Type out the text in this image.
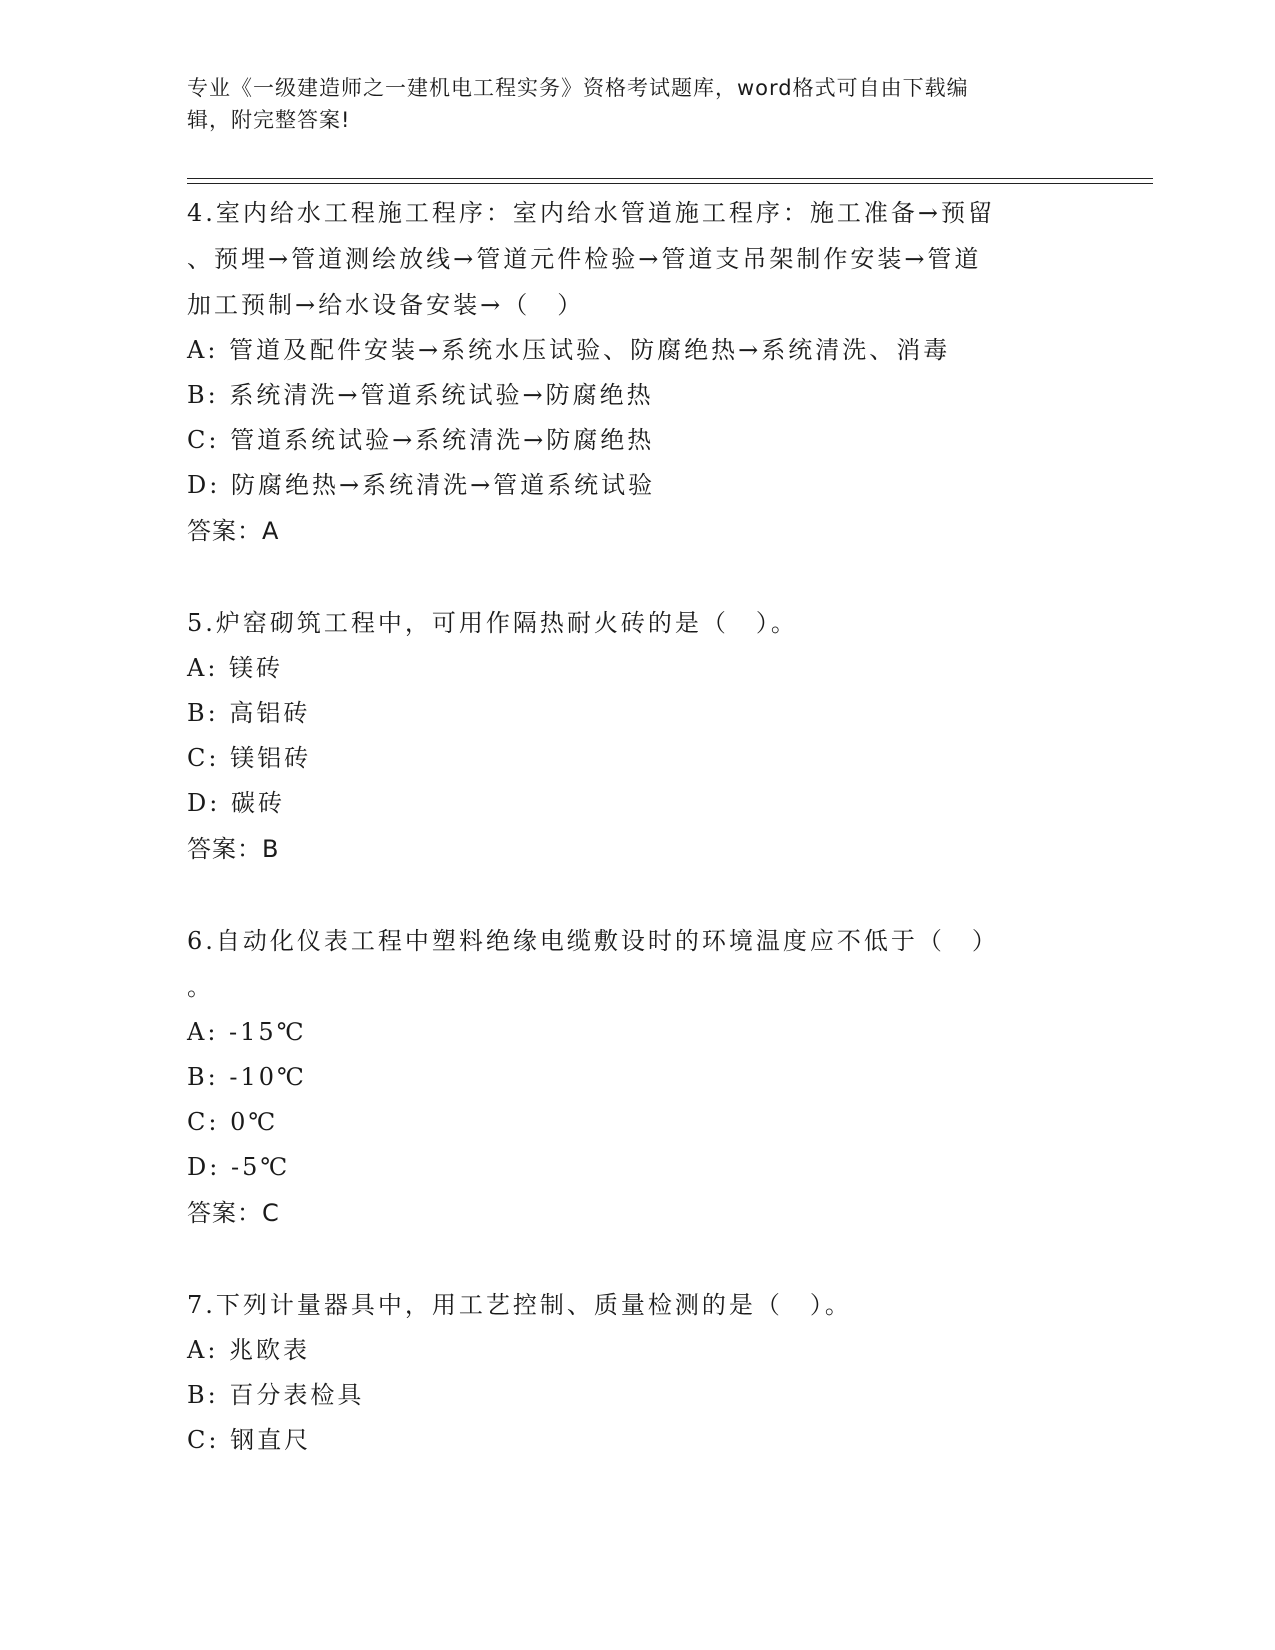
专业《一级建造师之一建机电工程实务》资格考试题库，word格式可自由下载编
辑，附完整答案!
4.室内给水工程施工程序：室内给水管道施工程序：施工准备→预留
、预埋→管道测绘放线→管道元件检验→管道支吊架制作安装→管道
加工预制→给水设备安装→（　）
A: 管道及配件安装→系统水压试验、防腐绝热→系统清洗、消毒
B: 系统清洗→管道系统试验→防腐绝热
C: 管道系统试验→系统清洗→防腐绝热
D: 防腐绝热→系统清洗→管道系统试验
答案：A
5.炉窑砌筑工程中，可用作隔热耐火砖的是（　）。
A: 镁砖
B: 高铝砖
C: 镁铝砖
D: 碳砖
答案：B
6.自动化仪表工程中塑料绝缘电缆敷设时的环境温度应不低于（　）
。
A: -15℃
B: -10℃
C: 0℃
D: -5℃
答案：C
7.下列计量器具中，用工艺控制、质量检测的是（　）。
A: 兆欧表
B: 百分表检具
C: 钢直尺
